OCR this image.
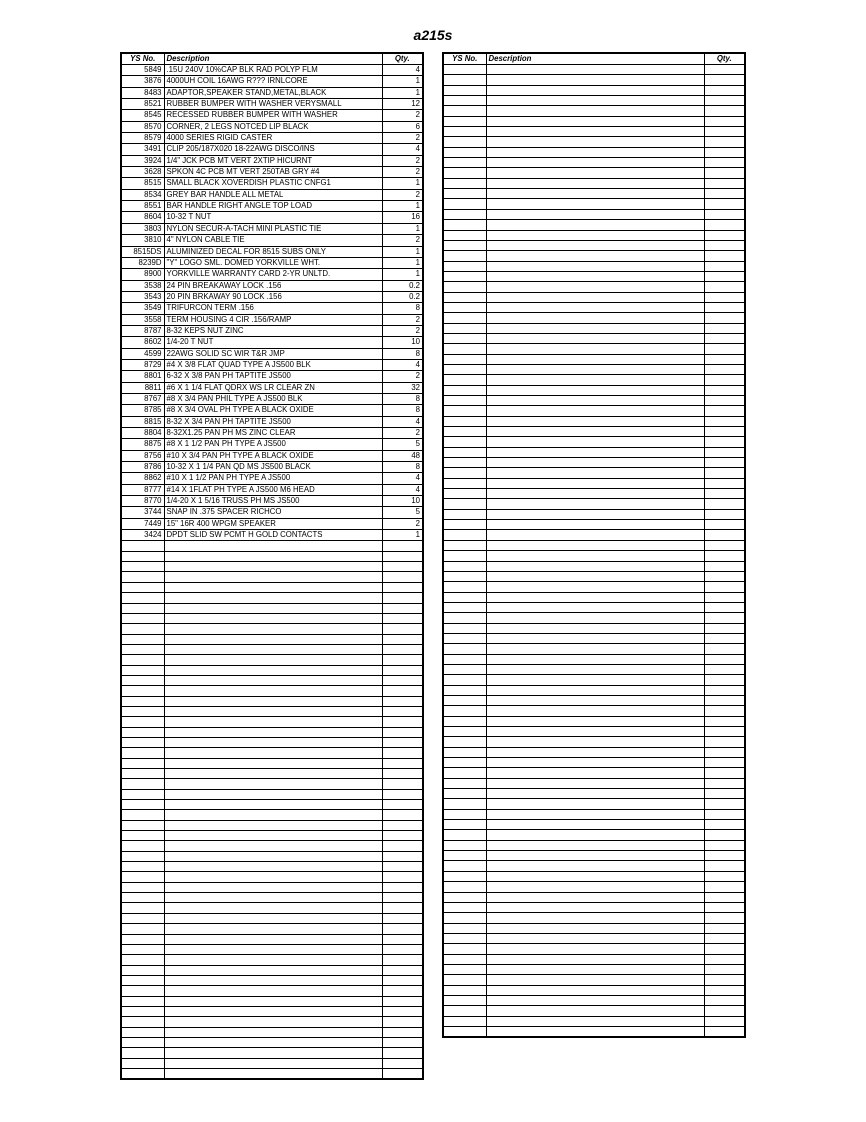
a215s
YS No.	Description	Qty.
5849	.15U 240V 10%CAP BLK RAD POLYP FLM	4
3876	4000UH COIL 16AWG R??? IRNLCORE	1
8483	ADAPTOR,SPEAKER STAND,METAL,BLACK	1
8521	RUBBER BUMPER WITH WASHER VERYSMALL	12
8545	RECESSED RUBBER BUMPER WITH WASHER	2
8570	CORNER, 2 LEGS NOTCED LIP BLACK	6
8579	4000 SERIES RIGID CASTER	2
3491	CLIP 205/187X020 18-22AWG DISCO/INS	4
3924	1/4" JCK PCB MT VERT 2XTIP HICURNT	2
3628	SPKON 4C PCB MT VERT 250TAB GRY #4	2
8515	SMALL BLACK XOVERDISH PLASTIC CNFG1	1
8534	GREY BAR HANDLE ALL METAL	2
8551	BAR HANDLE RIGHT ANGLE TOP LOAD	1
8604	10-32 T NUT	16
3803	NYLON SECUR-A-TACH MINI PLASTIC TIE	1
3810	4" NYLON CABLE TIE	2
8515DS	ALUMINIZED DECAL FOR 8515 SUBS ONLY	1
8239D	"Y" LOGO SML. DOMED YORKVILLE WHT.	1
8900	YORKVILLE WARRANTY CARD 2-YR UNLTD.	1
3538	24 PIN BREAKAWAY LOCK .156	0.2
3543	20 PIN BRKAWAY 90 LOCK .156	0.2
3549	TRIFURCON TERM .156	8
3558	TERM HOUSING 4 CIR .156/RAMP	2
8787	8-32 KEPS NUT ZINC	2
8602	1/4-20 T NUT	10
4599	22AWG SOLID SC WIR T&R JMP	8
8729	#4 X 3/8 FLAT QUAD TYPE A JS500 BLK	4
8801	6-32 X 3/8 PAN PH TAPTITE JS500	2
8811	#6 X 1 1/4 FLAT QDRX WS LR CLEAR ZN	32
8767	#8 X 3/4 PAN PHIL TYPE A JS500 BLK	8
8785	#8 X 3/4 OVAL PH TYPE A BLACK OXIDE	8
8815	8-32 X 3/4 PAN PH TAPTITE JS500	4
8804	8-32X1.25 PAN PH MS ZINC CLEAR	2
8875	#8 X 1 1/2 PAN PH TYPE A JS500	5
8756	#10 X 3/4 PAN PH TYPE A BLACK OXIDE	48
8786	10-32 X 1 1/4 PAN QD MS JS500 BLACK	8
8862	#10 X 1 1/2 PAN PH TYPE A JS500	4
8777	#14 X 1FLAT PH TYPE A JS500 M6 HEAD	4
8770	1/4-20 X 1 5/16 TRUSS PH MS JS500	10
3744	SNAP IN .375 SPACER RICHCO	5
7449	15" 16R 400 WPGM SPEAKER	2
3424	DPDT SLID SW PCMT H GOLD CONTACTS	1

YS No.	Description	Qty.
